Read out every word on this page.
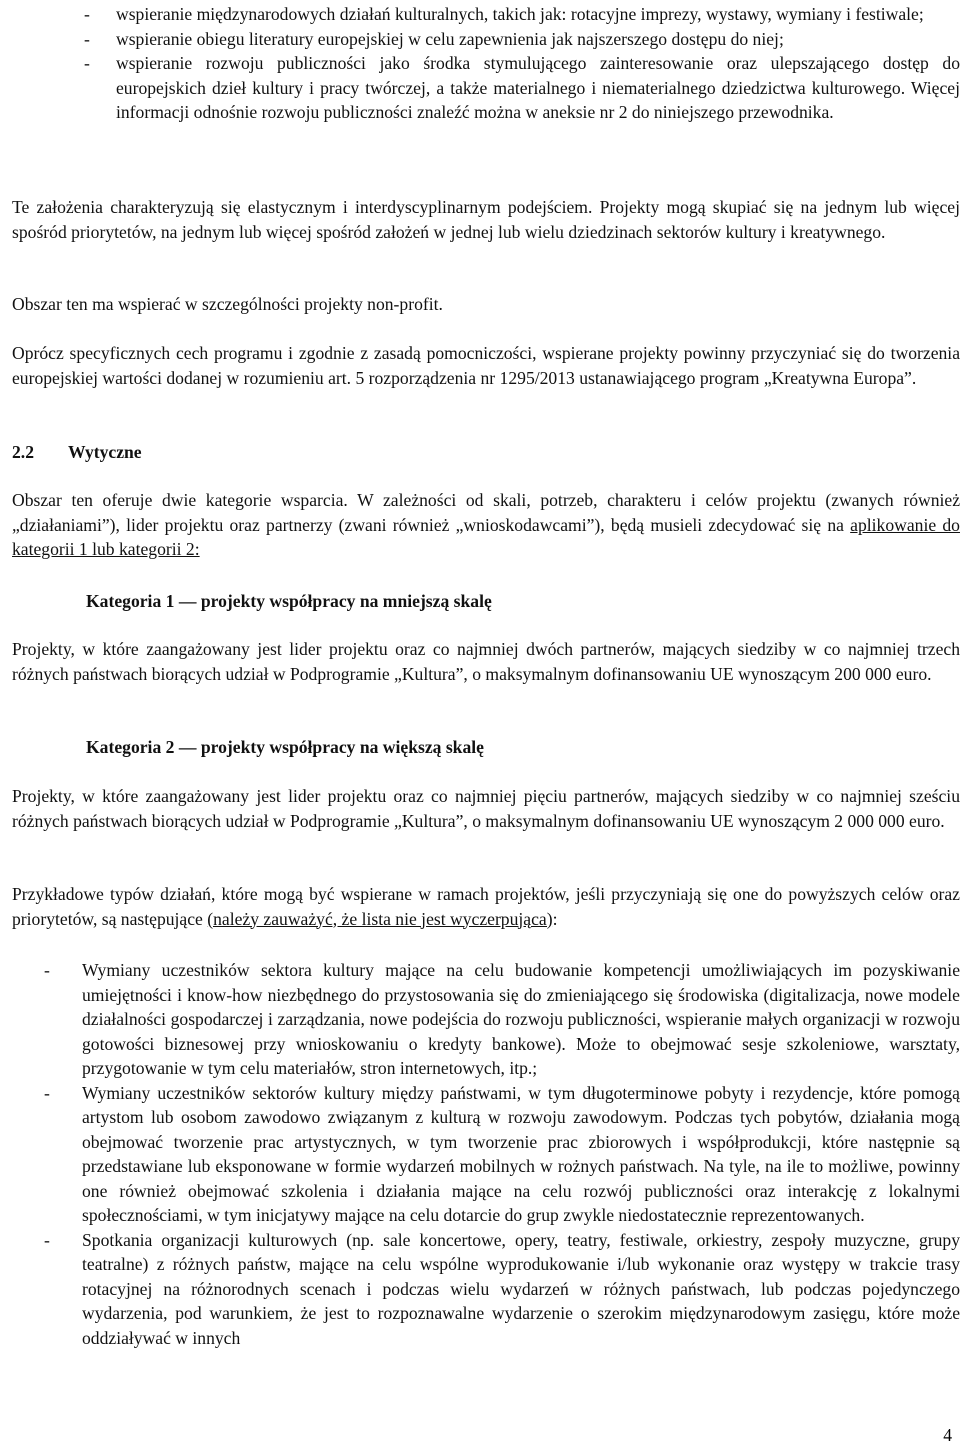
-	wspieranie międzynarodowych działań kulturalnych, takich jak: rotacyjne imprezy, wystawy, wymiany i festiwale;
-	wspieranie obiegu literatury europejskiej w celu zapewnienia jak najszerszego dostępu do niej;
-	wspieranie rozwoju publiczności jako środka stymulującego zainteresowanie oraz ulepszającego dostęp do europejskich dzieł kultury i pracy twórczej, a także materialnego i niematerialnego dziedzictwa kulturowego. Więcej informacji odnośnie rozwoju publiczności znaleźć można w aneksie nr 2 do niniejszego przewodnika.

Te założenia charakteryzują się elastycznym i interdyscyplinarnym podejściem. Projekty mogą skupiać się na jednym lub więcej spośród priorytetów, na jednym lub więcej spośród założeń w jednej lub wielu dziedzinach sektorów kultury i kreatywnego.

Obszar ten ma wspierać w szczególności projekty non-profit.

Oprócz specyficznych cech programu i zgodnie z zasadą pomocniczości, wspierane projekty powinny przyczyniać się do tworzenia europejskiej wartości dodanej w rozumieniu art. 5 rozporządzenia nr 1295/2013 ustanawiającego program „Kreatywna Europa”.

2.2 Wytyczne

Obszar ten oferuje dwie kategorie wsparcia. W zależności od skali, potrzeb, charakteru i celów projektu (zwanych również „działaniami”), lider projektu oraz partnerzy (zwani również „wnioskodawcami”), będą musieli zdecydować się na aplikowanie do kategorii 1 lub kategorii 2:

Kategoria 1 — projekty współpracy na mniejszą skalę

Projekty, w które zaangażowany jest lider projektu oraz co najmniej dwóch partnerów, mających siedziby w co najmniej trzech różnych państwach biorących udział w Podprogramie „Kultura”, o maksymalnym dofinansowaniu UE wynoszącym 200 000 euro.

Kategoria 2 — projekty współpracy na większą skalę

Projekty, w które zaangażowany jest lider projektu oraz co najmniej pięciu partnerów, mających siedziby w co najmniej sześciu różnych państwach biorących udział w Podprogramie „Kultura”, o maksymalnym dofinansowaniu UE wynoszącym 2 000 000 euro.

Przykładowe typów działań, które mogą być wspierane w ramach projektów, jeśli przyczyniają się one do powyższych celów oraz priorytetów, są następujące (należy zauważyć, że lista nie jest wyczerpująca):

-	Wymiany uczestników sektora kultury mające na celu budowanie kompetencji umożliwiających im pozyskiwanie umiejętności i know-how niezbędnego do przystosowania się do zmieniającego się środowiska (digitalizacja, nowe modele działalności gospodarczej i zarządzania, nowe podejścia do rozwoju publiczności, wspieranie małych organizacji w rozwoju gotowości biznesowej przy wnioskowaniu o kredyty bankowe). Może to obejmować sesje szkoleniowe, warsztaty, przygotowanie w tym celu materiałów, stron internetowych, itp.;
-	Wymiany uczestników sektorów kultury między państwami, w tym długoterminowe pobyty i rezydencje, które pomogą artystom lub osobom zawodowo związanym z kulturą w rozwoju zawodowym. Podczas tych pobytów, działania mogą obejmować tworzenie prac artystycznych, w tym tworzenie prac zbiorowych i współprodukcji, które następnie są przedstawiane lub eksponowane w formie wydarzeń mobilnych w rożnych państwach. Na tyle, na ile to możliwe, powinny one również obejmować szkolenia i działania mające na celu rozwój publiczności oraz interakcję z lokalnymi społecznościami, w tym inicjatywy mające na celu dotarcie do grup zwykle niedostatecznie reprezentowanych.
-	Spotkania organizacji kulturowych (np. sale koncertowe, opery, teatry, festiwale, orkiestry, zespoły muzyczne, grupy teatralne) z różnych państw, mające na celu wspólne wyprodukowanie i/lub wykonanie oraz występy w trakcie trasy rotacyjnej na różnorodnych scenach i podczas wielu wydarzeń w różnych państwach, lub podczas pojedynczego wydarzenia, pod warunkiem, że jest to rozpoznawalne wydarzenie o szerokim międzynarodowym zasięgu, które może oddziaływać w innych
4
